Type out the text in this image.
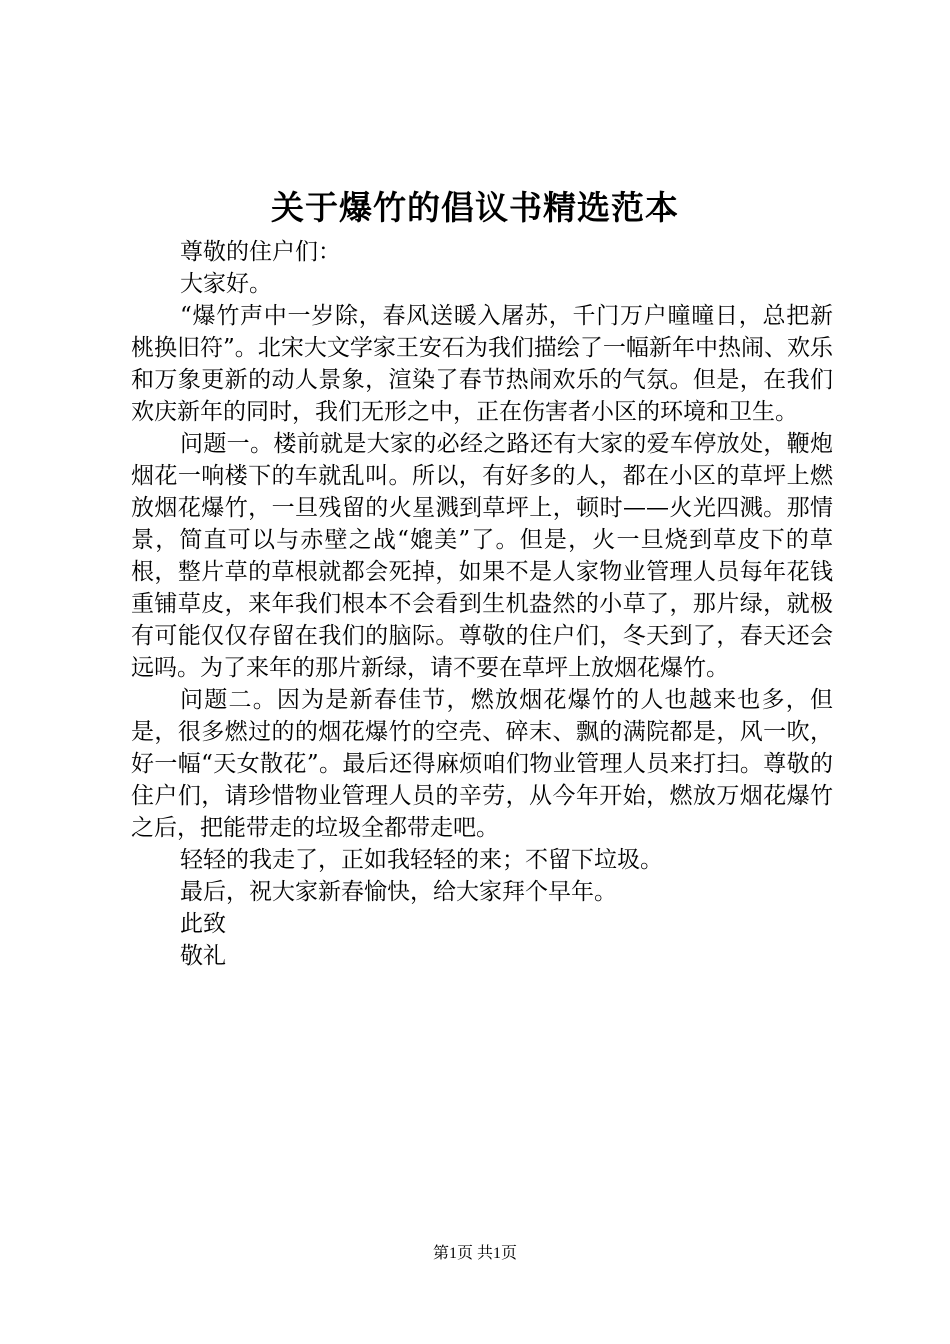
关于爆竹的倡议书精选范本

尊敬的住户们：

大家好。

“爆竹声中一岁除，春风送暖入屠苏，千门万户曈曈日，总把新桃换旧符”。北宋大文学家王安石为我们描绘了一幅新年中热闹、欢乐和万象更新的动人景象，渲染了春节热闹欢乐的气氛。但是，在我们欢庆新年的同时，我们无形之中，正在伤害者小区的环境和卫生。

问题一。楼前就是大家的必经之路还有大家的爱车停放处，鞭炮烟花一响楼下的车就乱叫。所以，有好多的人，都在小区的草坪上燃放烟花爆竹，一旦残留的火星溅到草坪上，顿时——火光四溅。那情景，简直可以与赤壁之战“媲美”了。但是，火一旦烧到草皮下的草根，整片草的草根就都会死掉，如果不是人家物业管理人员每年花钱重铺草皮，来年我们根本不会看到生机盎然的小草了，那片绿，就极有可能仅仅存留在我们的脑际。尊敬的住户们，冬天到了，春天还会远吗。为了来年的那片新绿，请不要在草坪上放烟花爆竹。

问题二。因为是新春佳节，燃放烟花爆竹的人也越来也多，但是，很多燃过的的烟花爆竹的空壳、碎末、飘的满院都是，风一吹，好一幅“天女散花”。最后还得麻烦咱们物业管理人员来打扫。尊敬的住户们，请珍惜物业管理人员的辛劳，从今年开始，燃放万烟花爆竹之后，把能带走的垃圾全都带走吧。

轻轻的我走了，正如我轻轻的来；不留下垃圾。

最后，祝大家新春愉快，给大家拜个早年。

此致

敬礼

第1页 共1页
